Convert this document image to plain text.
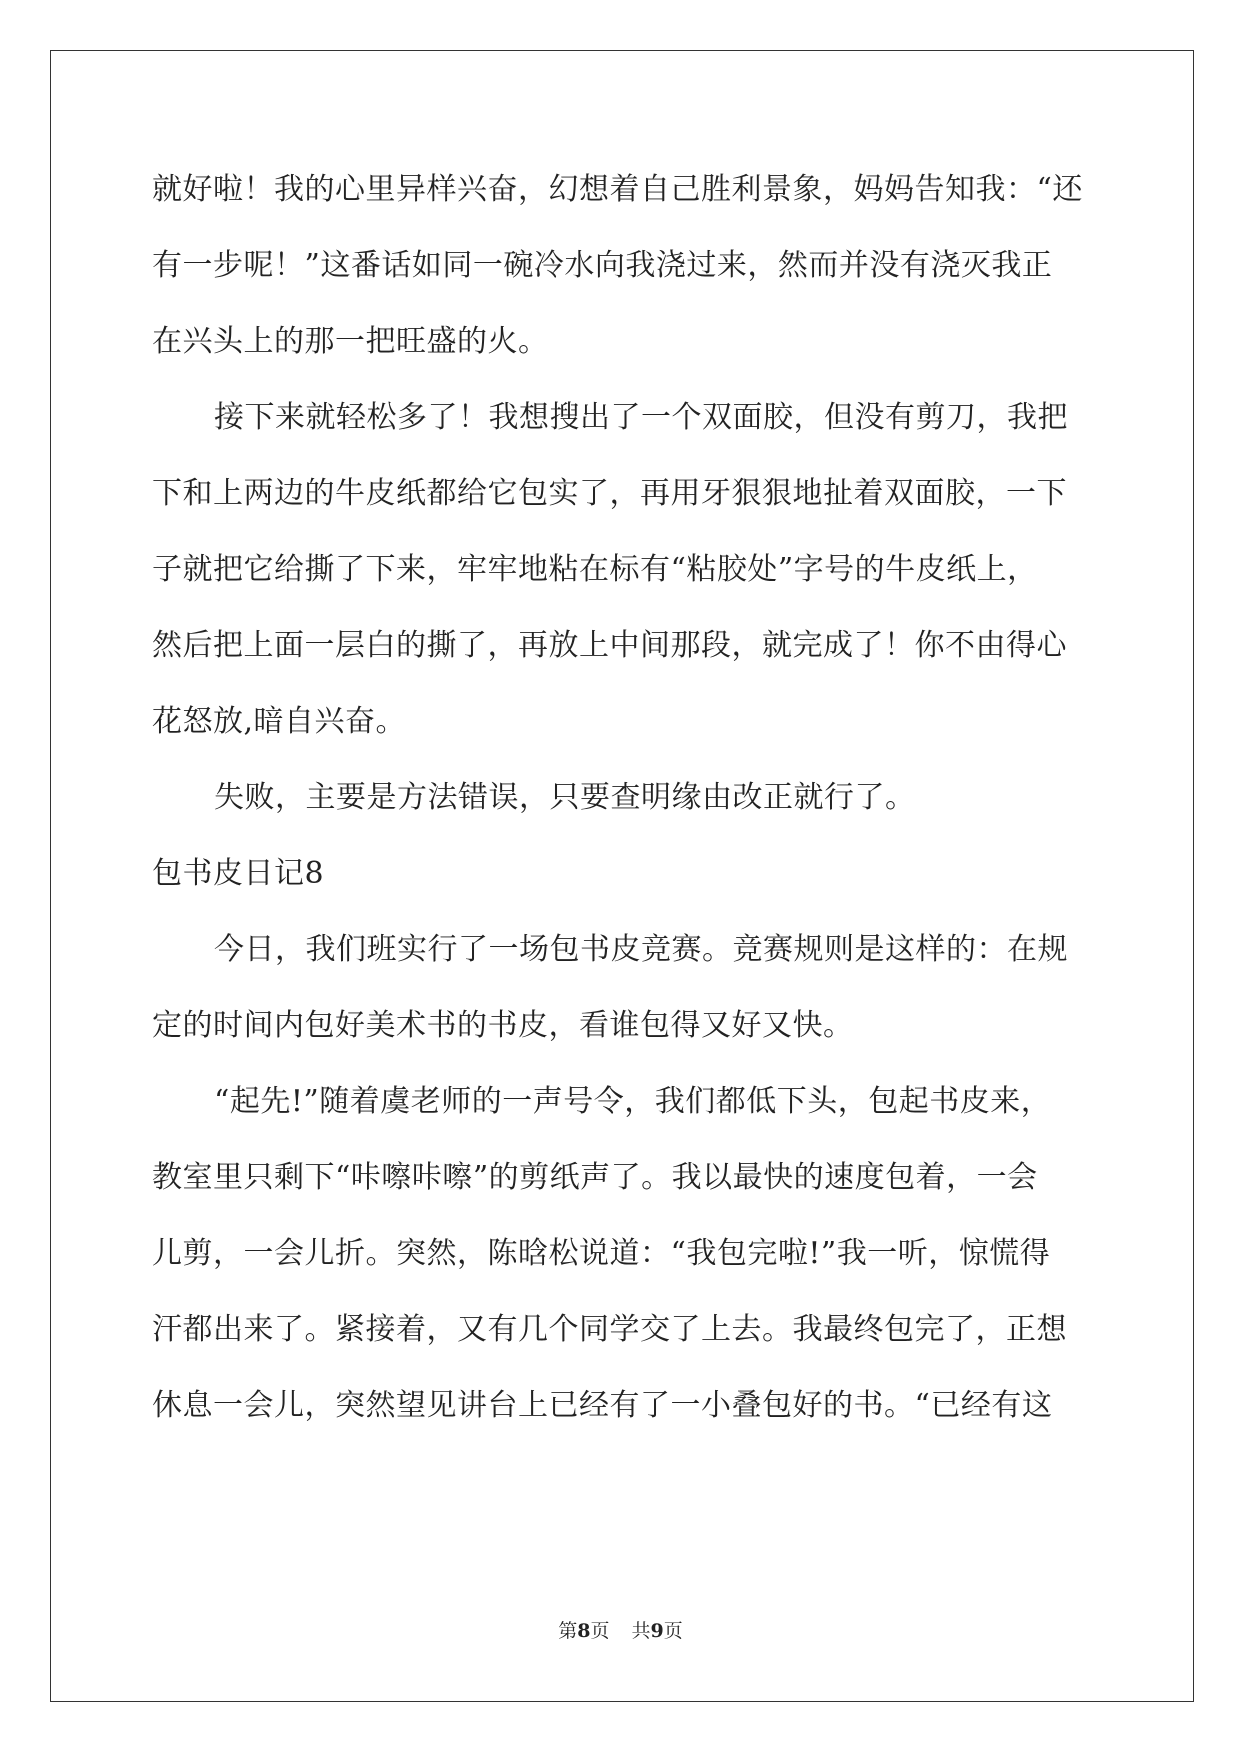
就好啦！我的心里异样兴奋，幻想着自己胜利景象，妈妈告知我：“还
有一步呢！”这番话如同一碗冷水向我浇过来，然而并没有浇灭我正
在兴头上的那一把旺盛的火。
接下来就轻松多了！我想搜出了一个双面胶，但没有剪刀，我把
下和上两边的牛皮纸都给它包实了，再用牙狠狠地扯着双面胶，一下
子就把它给撕了下来，牢牢地粘在标有“粘胶处”字号的牛皮纸上，
然后把上面一层白的撕了，再放上中间那段，就完成了！你不由得心
花怒放,暗自兴奋。
失败，主要是方法错误，只要查明缘由改正就行了。
包书皮日记8
今日，我们班实行了一场包书皮竞赛。竞赛规则是这样的：在规
定的时间内包好美术书的书皮，看谁包得又好又快。
“起先!”随着虞老师的一声号令，我们都低下头，包起书皮来，
教室里只剩下“咔嚓咔嚓”的剪纸声了。我以最快的速度包着，一会
儿剪，一会儿折。突然，陈晗松说道：“我包完啦!”我一听，惊慌得
汗都出来了。紧接着，又有几个同学交了上去。我最终包完了，正想
休息一会儿，突然望见讲台上已经有了一小叠包好的书。“已经有这
第8页 共9页
